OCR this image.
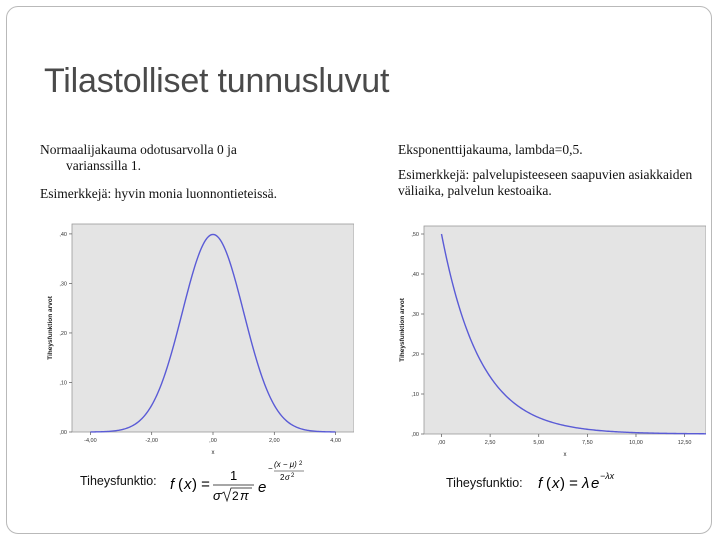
Tilastolliset tunnusluvut
Normaalijakauma odotusarvolla 0 ja
varianssilla 1.
Esimerkkejä: hyvin monia luonnontieteissä.
Eksponenttijakauma, lambda=0,5.
Esimerkkejä: palvelupisteeseen saapuvien asiakkaiden väliaika, palvelun kestoaika.
,00
,10
,20
,30
,40
-4,00	-2,00	,00	2,00	4,00
x
Tiheysfunktion arvot
,00
,10
,20
,30
,40
,50
,00	2,50	5,00	7,50	10,00	12,50
x
Tiheysfunktion arvot
Tiheysfunktio: f ( x ) =
1
σ 2 π e
− (x − μ) 2
2 σ 2	Tiheysfunktio: f ( x ) = λ e −λx
